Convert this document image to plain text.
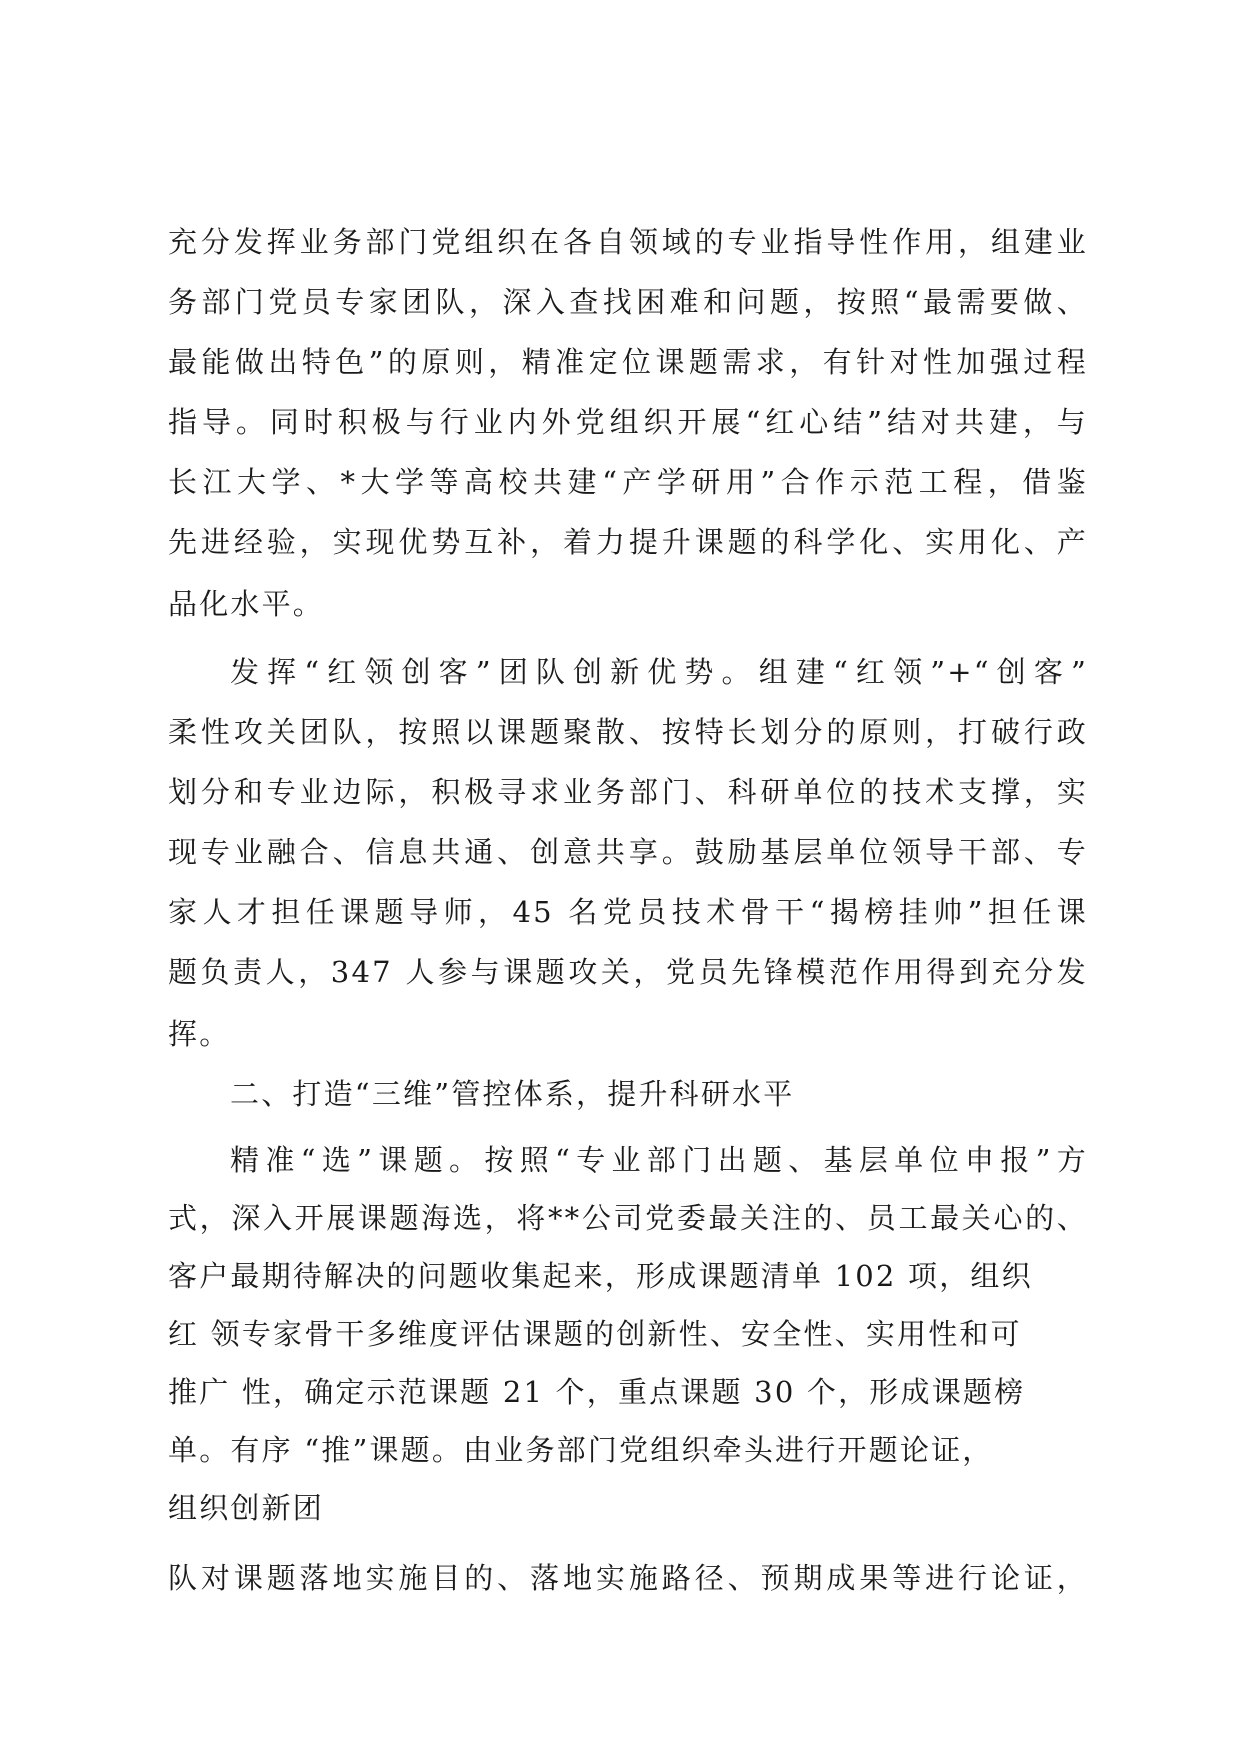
充分发挥业务部门党组织在各自领域的专业指导性作用，组建业
务部门党员专家团队，深入查找困难和问题，按照“最需要做、
最能做出特色”的原则，精准定位课题需求，有针对性加强过程
指导。同时积极与行业内外党组织开展“红心结”结对共建，与
长江大学、*大学等高校共建“产学研用”合作示范工程，借鉴
先进经验，实现优势互补，着力提升课题的科学化、实用化、产
品化水平。
发挥“红领创客”团队创新优势。组建“红领”+“创客”
柔性攻关团队，按照以课题聚散、按特长划分的原则，打破行政
划分和专业边际，积极寻求业务部门、科研单位的技术支撑，实
现专业融合、信息共通、创意共享。鼓励基层单位领导干部、专
家人才担任课题导师，45 名党员技术骨干“揭榜挂帅”担任课
题负责人，347 人参与课题攻关，党员先锋模范作用得到充分发
挥。
二、打造“三维”管控体系，提升科研水平
精准“选”课题。按照“专业部门出题、基层单位申报”方
式，深入开展课题海选，将**公司党委最关注的、员工最关心的、
客户最期待解决的问题收集起来，形成课题清单 102 项，组织
红 领专家骨干多维度评估课题的创新性、安全性、实用性和可
推广 性，确定示范课题 21 个，重点课题 30 个，形成课题榜
单。有序 “推”课题。由业务部门党组织牵头进行开题论证，
组织创新团
队对课题落地实施目的、落地实施路径、预期成果等进行论证，
